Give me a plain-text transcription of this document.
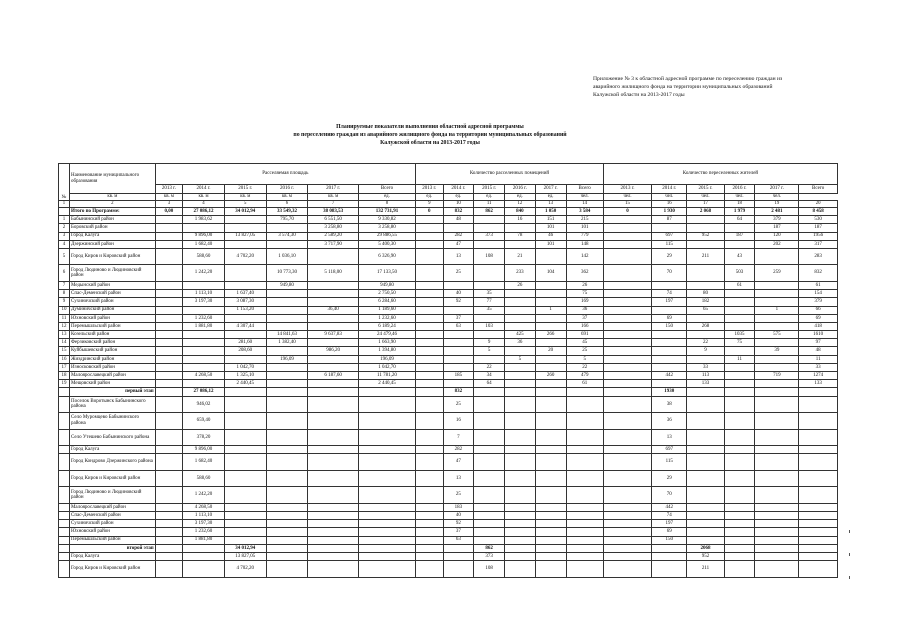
Приложение № 3 к областной адресной программе по переселению граждан из
аварийного жилищного фонда на территории муниципальных образований
Калужской области на 2013-2017 годы
Планируемые показатели выполнения областной адресной программы
по переселению граждан из аварийного жилищного фонда на территории муниципальных образований
Калужской области на 2013-2017 годы
№	Наименование муниципального образования	Расселяемая площадь						Количество расселенных помещений						Количество переселенных жителей					
		2013 г.	2014 г.	2015 г.	2016 г.	2017 г.	Всего	2013 г.	2014 г.	2015 г.	2016 г.	2017 г.	Всего	2013 г.	2014 г.	2015 г.	2016 г.	2017 г.	Всего
	кв. м	кв. м	кв. м	кв. м	кв. м	кв. м	ед.	ед.	ед.	ед.	ед.	ед.	чел.	чел.	чел.	чел.	чел.	чел.	
1	2	3	4	5	6	7	8	9	10	11	12	13	14	15	16	17	18	19	20
	Итого по Программе:	0,00	27 086,12	34 012,94	33 549,32	38 083,53	132 731,91	0	832	862	840	1 050	3 584	0	1 930	2 068	1 979	2 481	8 458
1	Бабынинский район		1 983,62		795,70	6 551,50	9 330,82		48		16	151	215		87		64	379	530
2	Боровский район					3 258,80	3 258,80					101	101					187	187
3	Город Калуга		9 896,00	13 827,05	3 574,30	2 589,20	29 886,55		282	373	78	46	779		697	952	187	120	1956
4	Дзержинский район		1 682,40			3 717,90	5 400,30		47			101	148		115			202	317
5	Город Киров и Кировский район		588,60	4 702,20	1 036,10		6 326,90		13	108	21		142		29	211	43		283
6	Город Людиново и Людиновский район		1 242,20		10 773,30	5 118,00	17 133,50		25		233	104	362		70		503	259	832
7	Медынский район				949,80		949,80				26		26				61		61
8	Спас-Деменский район		1 113,10	1 637,40			2 750,50		40	35			75		74	80			154
9	Сухиничский район		3 197,30	3 087,30			6 284,60		92	77			169		197	182			379
10	Думиничский район			1 153,20		36,40	1 189,60			35		1	36			65		1	66
11	Юхновский район		1 232,60				1 232,60		37				37		69				69
12	Перемышльский район		1 881,80	4 307,44			6 189,24		63	103			166		150	268			418
13	Козельский район				14 841,63	9 637,83	24 479,46				425	266	691				1035	575	1610
14	Ферзиковский район			281,60	1 382,40		1 663,90			9	36		45			22	75		97
15	Куйбышевский район			208,60		986,20	1 394,80			5		20	25			9		39	48
16	Жиздринский район				196,09		196,09				5		5				11		11
17	Износковский район			1 042,70			1 042,70			22			22			33			33
18	Малоярославецкий район		4 268,50	1 325,10		6 187,60	11 781,20		185	34		260	479		442	113		719	1274
19	Мещовский район			2 440,45			2 440,45			64			61			133			133
	первый этап		27 086,12						832						1930				
	Поселок Воротынск Бабынинского района		946,02						25						38				
	Село Муромцево Бабынинского района		659,40						16						36				
	Село Утешево Бабынинского района		378,20						7						13				
	Город Калуга		9 896,00						282						697				
	Город Кондрово Дзержинского района		1 682,40						47						115				
	Город Киров и Кировский район		588,60						13						29				
	Город Людиново и Людиновский район		1 242,20						25						70				
	Малоярославецкий район		4 268,50						183						442				
	Спас-Деменский район		1 113,10						40						74				
	Сухиничский район		3 197,30						92						197				
	Юхновский район		1 232,60						37						69				
	Перемышльский район		1 881,80						63						150				
	второй этап			34 012,94						862						2068			
	Город Калуга			13 827,05						373						952			
	Город Киров и Кировский район			4 702,20						108						211			
